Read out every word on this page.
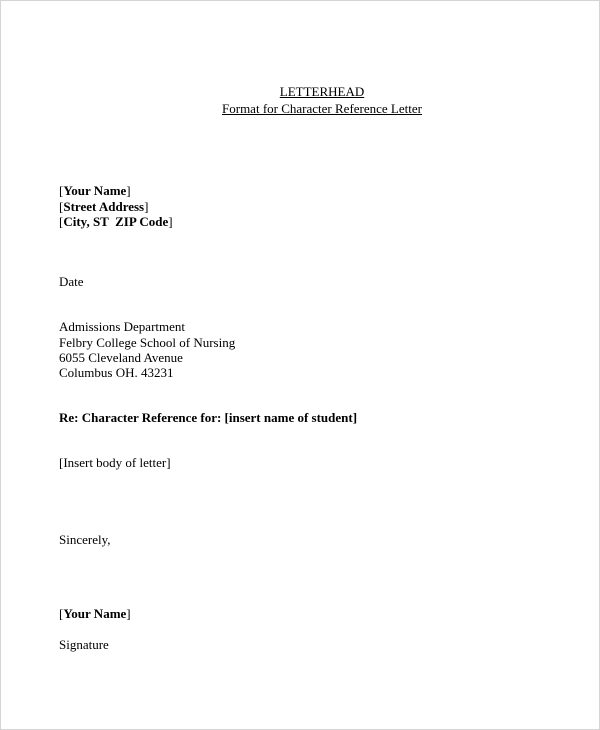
LETTERHEAD
Format for Character Reference Letter
[Your Name]
[Street Address]
[City, ST  ZIP Code]
Date
Admissions Department
Felbry College School of Nursing
6055 Cleveland Avenue
Columbus OH. 43231
Re: Character Reference for: [insert name of student]
[Insert body of letter]
Sincerely,
[Your Name]
Signature
